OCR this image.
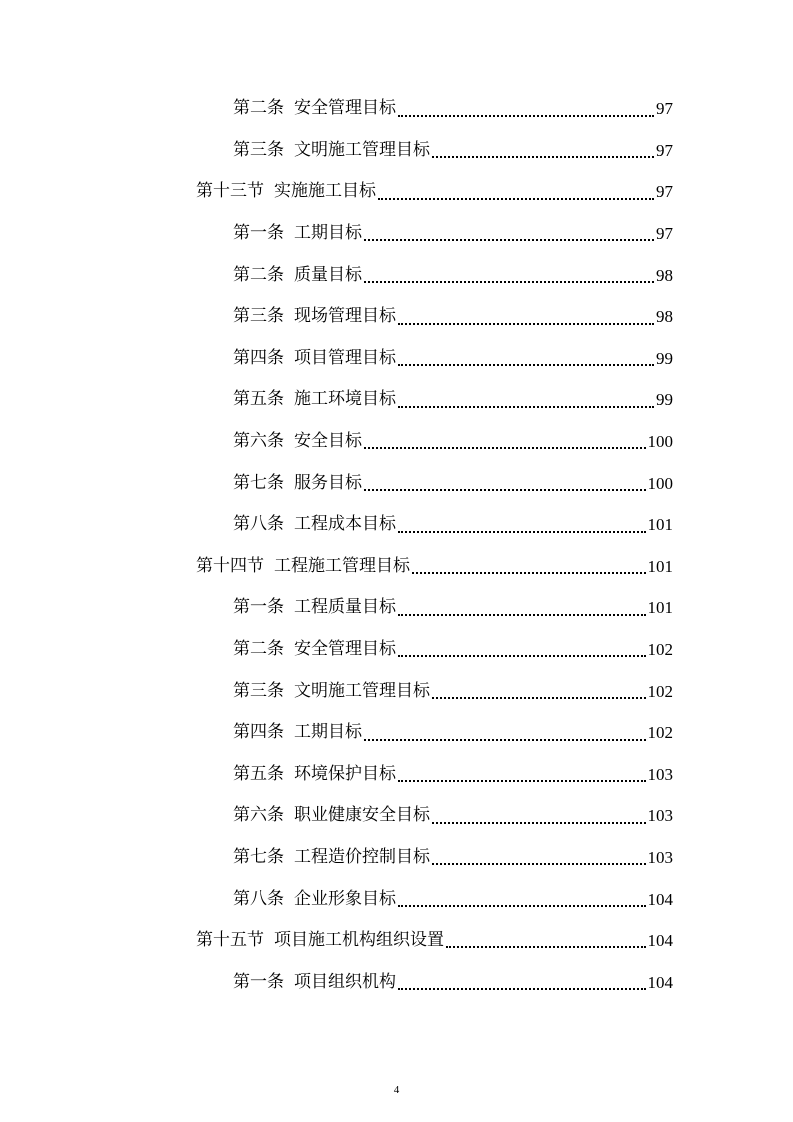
第二条 安全管理目标	97
第三条 文明施工管理目标	97
第十三节 实施施工目标	97
第一条 工期目标	97
第二条 质量目标	98
第三条 现场管理目标	98
第四条 项目管理目标	99
第五条 施工环境目标	99
第六条 安全目标	100
第七条 服务目标	100
第八条 工程成本目标	101
第十四节 工程施工管理目标	101
第一条 工程质量目标	101
第二条 安全管理目标	102
第三条 文明施工管理目标	102
第四条 工期目标	102
第五条 环境保护目标	103
第六条 职业健康安全目标	103
第七条 工程造价控制目标	103
第八条 企业形象目标	104
第十五节 项目施工机构组织设置	104
第一条 项目组织机构	104
4
